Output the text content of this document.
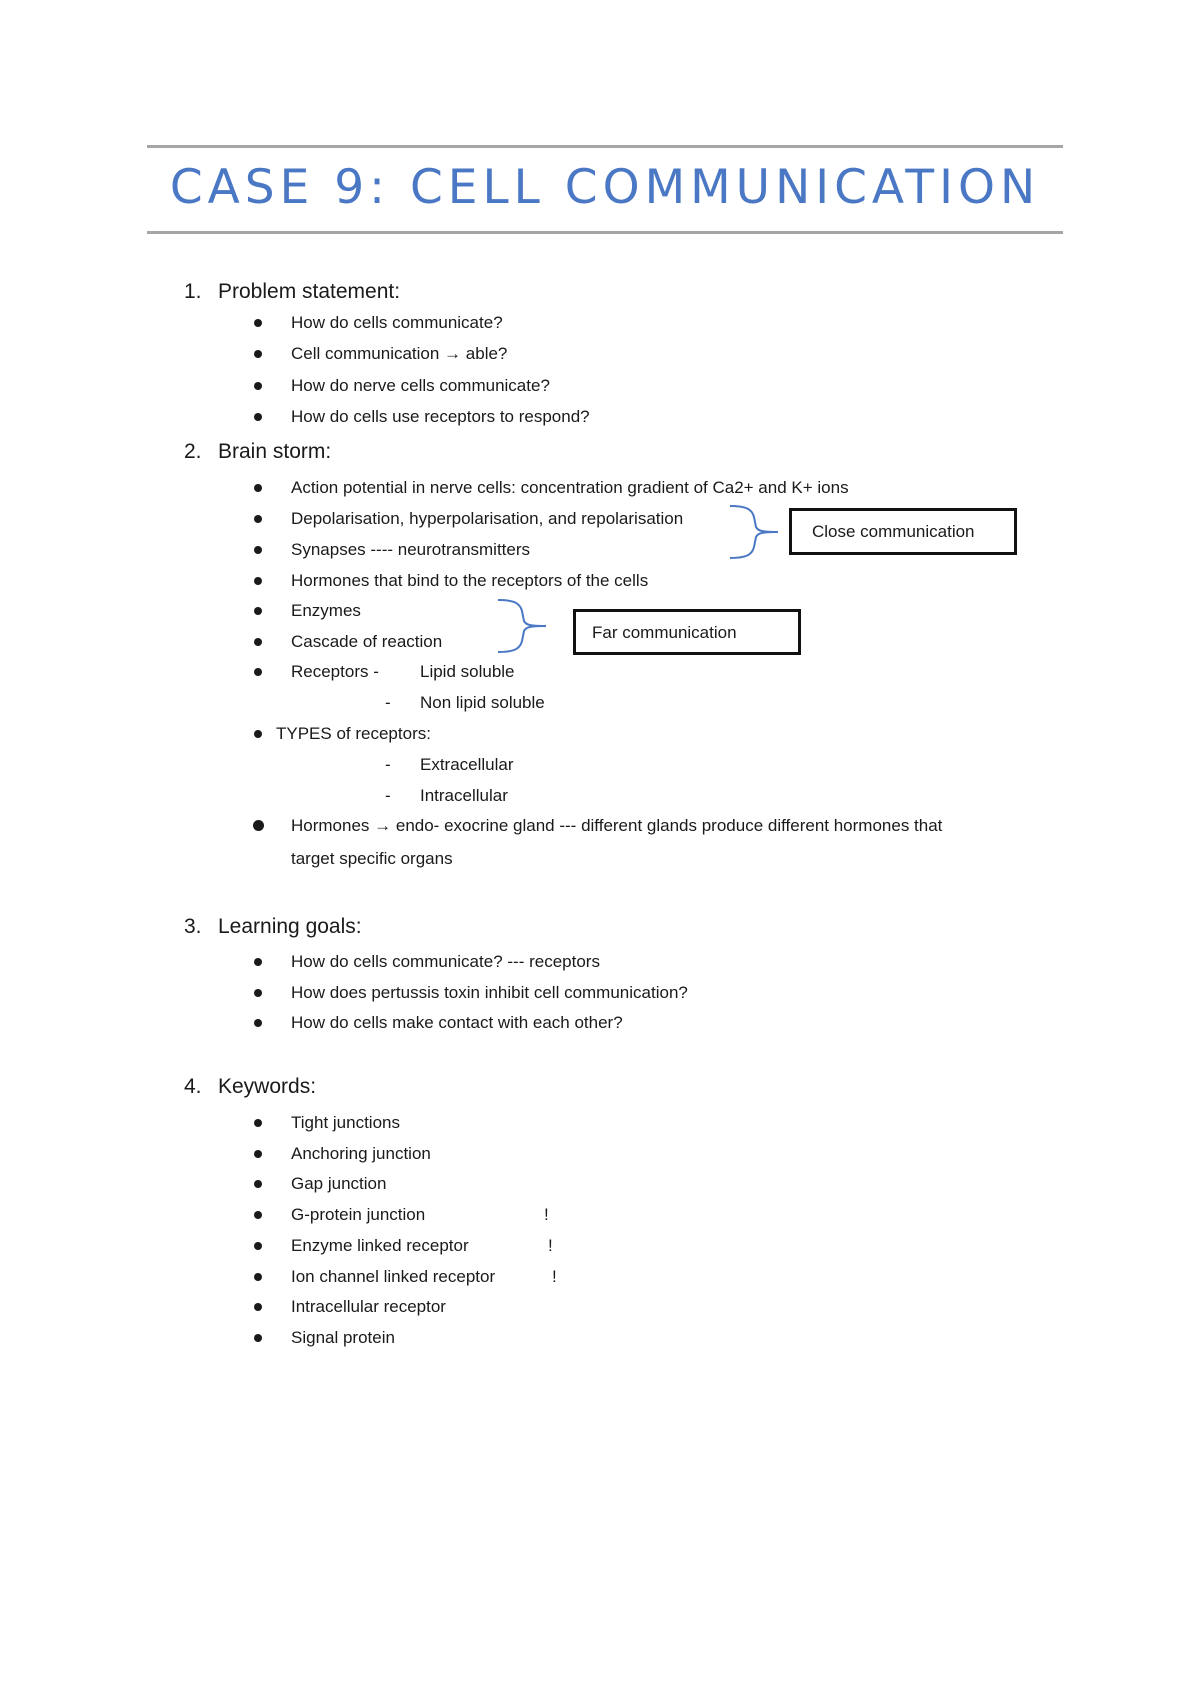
CASE 9: CELL COMMUNICATION
1. Problem statement:
How do cells communicate?
Cell communication → able?
How do nerve cells communicate?
How do cells use receptors to respond?
2. Brain storm:
Action potential in nerve cells: concentration gradient of Ca2+ and K+ ions
Depolarisation, hyperpolarisation, and repolarisation
Synapses ---- neurotransmitters
Hormones that bind to the receptors of the cells
Enzymes
Cascade of reaction
Receptors - Lipid soluble
- Non lipid soluble
TYPES of receptors:
- Extracellular
- Intracellular
Hormones → endo- exocrine gland --- different glands produce different hormones that
target specific organs
Close communication
Far communication
3. Learning goals:
How do cells communicate? --- receptors
How does pertussis toxin inhibit cell communication?
How do cells make contact with each other?
4. Keywords:
Tight junctions
Anchoring junction
Gap junction
G-protein junction	!
Enzyme linked receptor	!
Ion channel linked receptor	!
Intracellular receptor
Signal protein
